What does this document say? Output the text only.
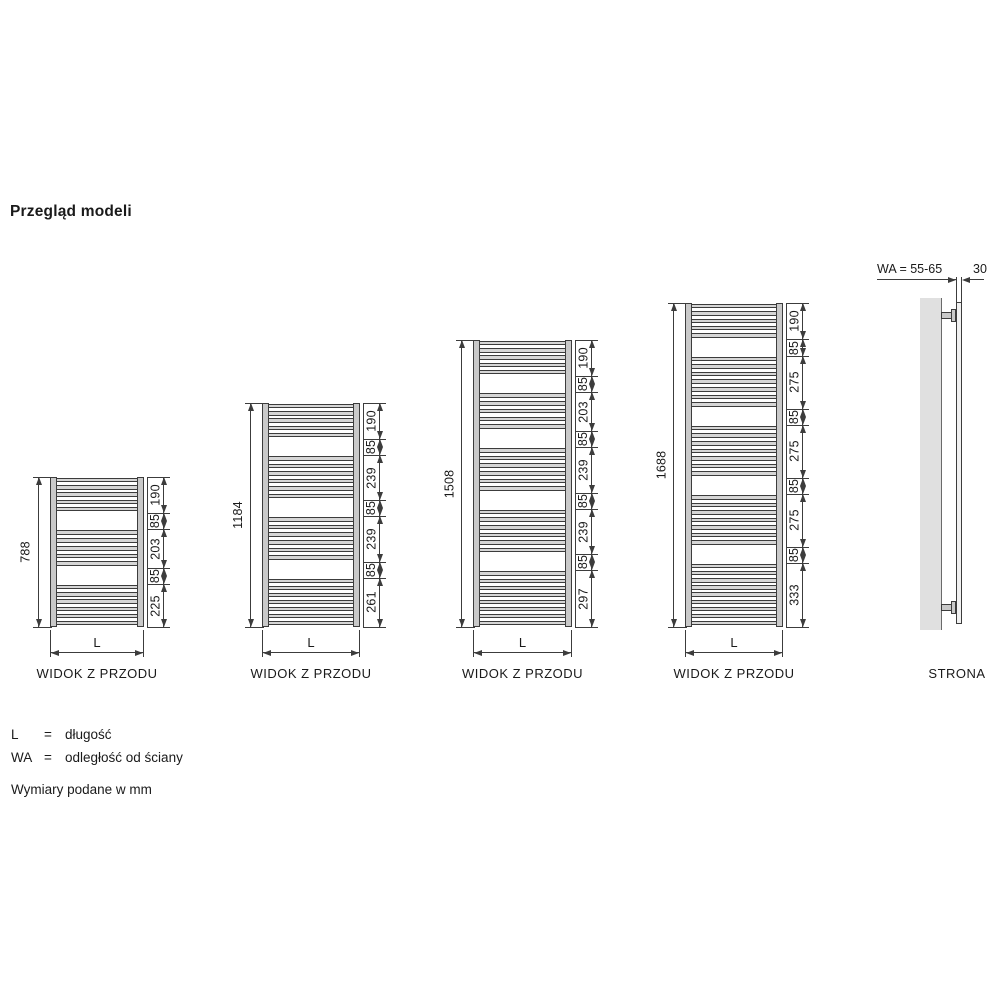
Przegląd modeli
L	= długość
WA = odległość od ściany
Wymiary podane w mm
788
190
85
203
85
225
L
WIDOK Z PRZODU
1184
190
85
239
85
239
85
261
L
WIDOK Z PRZODU
1508
190
85
203
85
239
85
239
85
297
L
WIDOK Z PRZODU
1688
190
85
275
85
275
85
275
85
333
L
WIDOK Z PRZODU
WA = 55-65 30
STRONA
